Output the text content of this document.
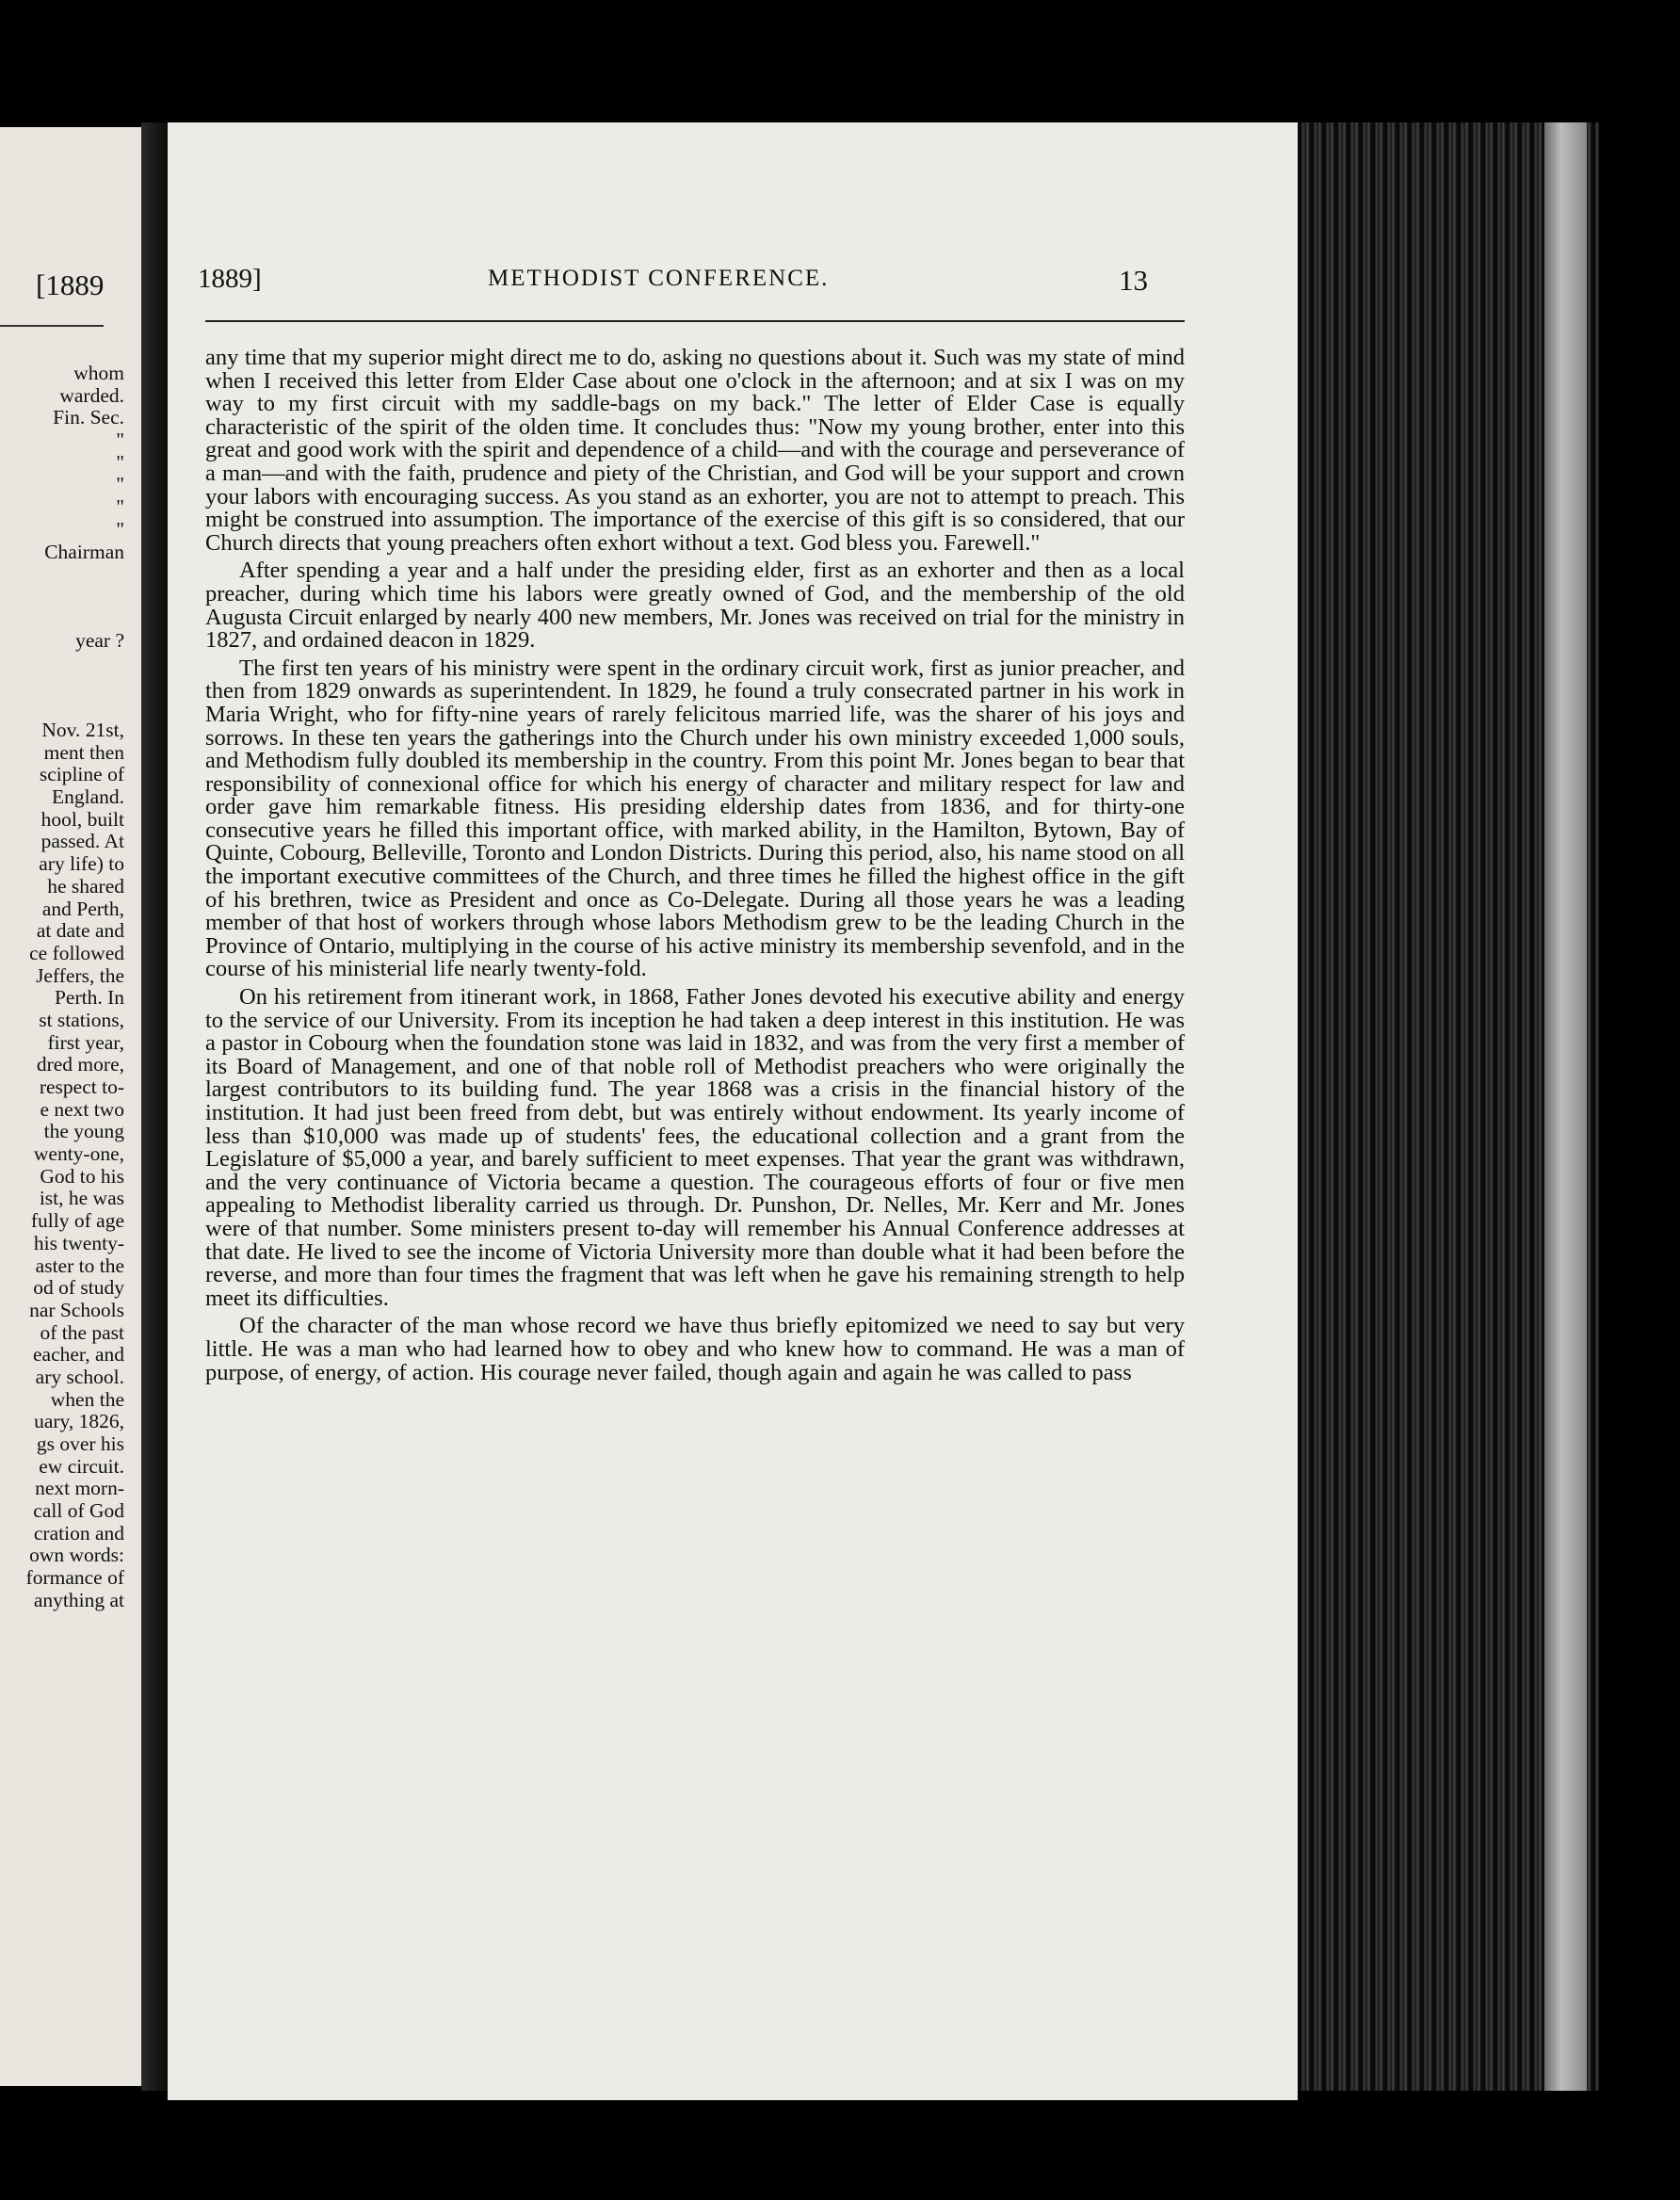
[1889
whom
warded.
Fin. Sec.
"
"
"
"
"
Chairman
year ?
Nov. 21st,
ment then
scipline of
England.
hool, built
passed. At
ary life) to
he shared
and Perth,
at date and
ce followed
Jeffers, the
Perth. In
st stations,
first year,
dred more,
respect to-
e next two
the young
wenty-one,
God to his
ist, he was
fully of age
his twenty-
aster to the
od of study
nar Schools
of the past
eacher, and
ary school.
when the
uary, 1826,
gs over his
ew circuit.
next morn-
call of God
cration and
own words:
formance of
anything at
1889]	METHODIST CONFERENCE.	13

any time that my superior might direct me to do, asking no questions about it. Such was my state of mind when I received this letter from Elder Case about one o'clock in the afternoon; and at six I was on my way to my first circuit with my saddle-bags on my back." The letter of Elder Case is equally characteristic of the spirit of the olden time. It concludes thus: "Now my young brother, enter into this great and good work with the spirit and dependence of a child—and with the courage and perseverance of a man—and with the faith, prudence and piety of the Christian, and God will be your support and crown your labors with encouraging success. As you stand as an exhorter, you are not to attempt to preach. This might be construed into assumption. The importance of the exercise of this gift is so considered, that our Church directs that young preachers often exhort without a text. God bless you. Farewell."

After spending a year and a half under the presiding elder, first as an exhorter and then as a local preacher, during which time his labors were greatly owned of God, and the membership of the old Augusta Circuit enlarged by nearly 400 new members, Mr. Jones was received on trial for the ministry in 1827, and ordained deacon in 1829.

The first ten years of his ministry were spent in the ordinary circuit work, first as junior preacher, and then from 1829 onwards as superintendent. In 1829, he found a truly consecrated partner in his work in Maria Wright, who for fifty-nine years of rarely felicitous married life, was the sharer of his joys and sorrows. In these ten years the gatherings into the Church under his own ministry exceeded 1,000 souls, and Methodism fully doubled its membership in the country. From this point Mr. Jones began to bear that responsibility of connexional office for which his energy of character and military respect for law and order gave him remarkable fitness. His presiding eldership dates from 1836, and for thirty-one consecutive years he filled this important office, with marked ability, in the Hamilton, Bytown, Bay of Quinte, Cobourg, Belleville, Toronto and London Districts. During this period, also, his name stood on all the important executive committees of the Church, and three times he filled the highest office in the gift of his brethren, twice as President and once as Co-Delegate. During all those years he was a leading member of that host of workers through whose labors Methodism grew to be the leading Church in the Province of Ontario, multiplying in the course of his active ministry its membership sevenfold, and in the course of his ministerial life nearly twenty-fold.

On his retirement from itinerant work, in 1868, Father Jones devoted his executive ability and energy to the service of our University. From its inception he had taken a deep interest in this institution. He was a pastor in Cobourg when the foundation stone was laid in 1832, and was from the very first a member of its Board of Management, and one of that noble roll of Methodist preachers who were originally the largest contributors to its building fund. The year 1868 was a crisis in the financial history of the institution. It had just been freed from debt, but was entirely without endowment. Its yearly income of less than $10,000 was made up of students' fees, the educational collection and a grant from the Legislature of $5,000 a year, and barely sufficient to meet expenses. That year the grant was withdrawn, and the very continuance of Victoria became a question. The courageous efforts of four or five men appealing to Methodist liberality carried us through. Dr. Punshon, Dr. Nelles, Mr. Kerr and Mr. Jones were of that number. Some ministers present to-day will remember his Annual Conference addresses at that date. He lived to see the income of Victoria University more than double what it had been before the reverse, and more than four times the fragment that was left when he gave his remaining strength to help meet its difficulties.

Of the character of the man whose record we have thus briefly epitomized we need to say but very little. He was a man who had learned how to obey and who knew how to command. He was a man of purpose, of energy, of action. His courage never failed, though again and again he was called to pass
